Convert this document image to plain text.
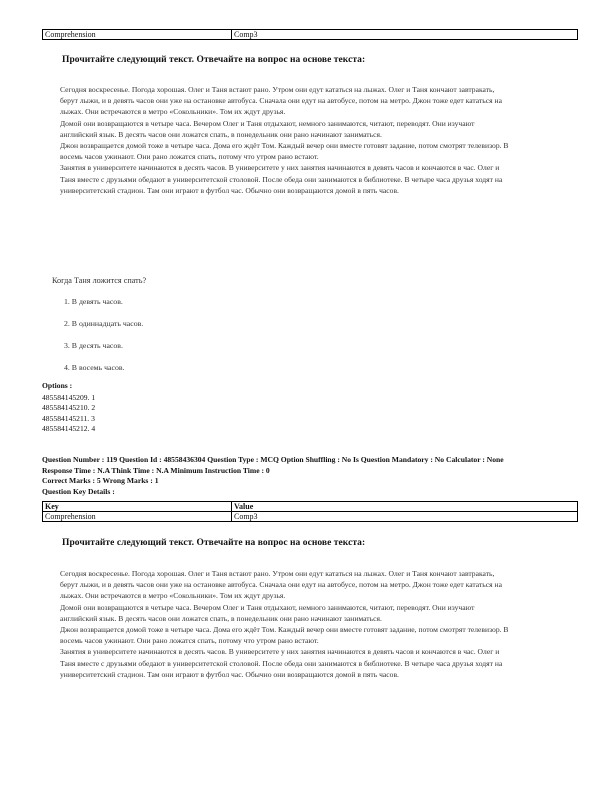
Comprehension	Comp3
Прочитайте следующий текст. Отвечайте на вопрос на основе текста:

Сегодня воскресенье. Погода хорошая. Олег и Таня встают рано. Утром они едут кататься на лыжах. Олег и Таня кончают завтракать, берут лыжи, и в девять часов они уже на остановке автобуса. Сначала они едут на автобусе, потом на метро. Джон тоже едет кататься на лыжах. Они встречаются в метро «Сокольники». Том их ждут друзья.

Домой они возвращаются в четыре часа. Вечером Олег и Таня отдыхают, немного занимаются, читают, переводят. Они изучают английский язык. В десять часов они ложатся спать, в понедельник они рано начинают заниматься.

Джон возвращается домой тоже в четыре часа. Дома его ждёт Том. Каждый вечер они вместе готовят задание, потом смотрят телевизор. В восемь часов ужинают. Они рано ложатся спать, потому что утром рано встают.

Занятия в университете начинаются в десять часов. В университете у них занятия начинаются в девять часов и кончаются в час. Олег и Таня вместе с друзьями обедают в университетской столовой. После обеда они занимаются в библиотеке. В четыре часа друзья ходят на университетский стадион. Там они играют в футбол час. Обычно они возвращаются домой в пять часов.

Когда Таня ложится спать?
1. В девять часов.
2. В одиннадцать часов.
3. В десять часов.
4. В восемь часов.
Options :
485584145209. 1
485584145210. 2
485584145211. 3
485584145212. 4
Question Number : 119 Question Id : 48558436304 Question Type : MCQ Option Shuffling : No Is Question Mandatory : No Calculator : None
Response Time : N.A Think Time : N.A Minimum Instruction Time : 0
Correct Marks : 5 Wrong Marks : 1
Question Key Details :
Key	Value
Comprehension	Comp3
Прочитайте следующий текст. Отвечайте на вопрос на основе текста:

Сегодня воскресенье. Погода хорошая. Олег и Таня встают рано. Утром они едут кататься на лыжах. Олег и Таня кончают завтракать, берут лыжи, и в девять часов они уже на остановке автобуса. Сначала они едут на автобусе, потом на метро. Джон тоже едет кататься на лыжах. Они встречаются в метро «Сокольники». Том их ждут друзья.

Домой они возвращаются в четыре часа. Вечером Олег и Таня отдыхают, немного занимаются, читают, переводят. Они изучают английский язык. В десять часов они ложатся спать, в понедельник они рано начинают заниматься.

Джон возвращается домой тоже в четыре часа. Дома его ждёт Том. Каждый вечер они вместе готовят задание, потом смотрят телевизор. В восемь часов ужинают. Они рано ложатся спать, потому что утром рано встают.

Занятия в университете начинаются в десять часов. В университете у них занятия начинаются в девять часов и кончаются в час. Олег и Таня вместе с друзьями обедают в университетской столовой. После обеда они занимаются в библиотеке. В четыре часа друзья ходят на университетский стадион. Там они играют в футбол час. Обычно они возвращаются домой в пять часов.
